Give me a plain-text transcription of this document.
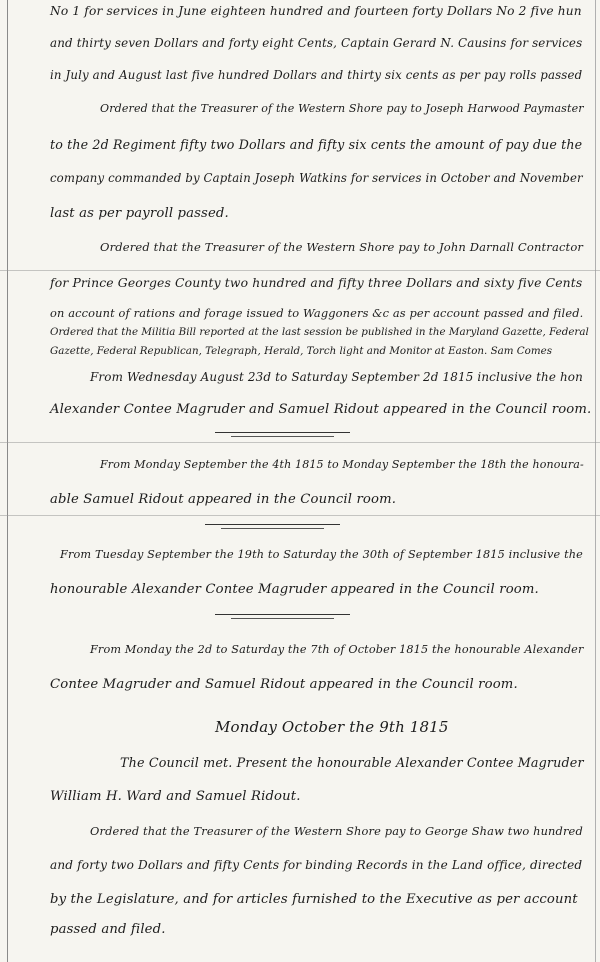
No 1 for services in June eighteen hundred and fourteen forty Dollars No 2 five hun
and thirty seven Dollars and forty eight Cents, Captain Gerard N. Causins for services
in July and August last five hundred Dollars and thirty six cents as per pay rolls passed
Ordered that the Treasurer of the Western Shore pay to Joseph Harwood Paymaster
to the 2d Regiment fifty two Dollars and fifty six cents the amount of pay due the
company commanded by Captain Joseph Watkins for services in October and November
last as per payroll passed.
Ordered that the Treasurer of the Western Shore pay to John Darnall Contractor
for Prince Georges County two hundred and fifty three Dollars and sixty five Cents
on account of rations and forage issued to Waggoners &c as per account passed and filed.
Ordered that the Militia Bill reported at the last session be published in the Maryland Gazette, Federal
Gazette, Federal Republican, Telegraph, Herald, Torch light and Monitor at Easton. Sam Comes
From Wednesday August 23d to Saturday September 2d 1815 inclusive the hon
Alexander Contee Magruder and Samuel Ridout appeared in the Council room.
From Monday September the 4th 1815 to Monday September the 18th the honoura-
able Samuel Ridout appeared in the Council room.
From Tuesday September the 19th to Saturday the 30th of September 1815 inclusive the
honourable Alexander Contee Magruder appeared in the Council room.
From Monday the 2d to Saturday the 7th of October 1815 the honourable Alexander
Contee Magruder and Samuel Ridout appeared in the Council room.
Monday October the 9th 1815
The Council met. Present the honourable Alexander Contee Magruder
William H. Ward and Samuel Ridout.
Ordered that the Treasurer of the Western Shore pay to George Shaw two hundred
and forty two Dollars and fifty Cents for binding Records in the Land office, directed
by the Legislature, and for articles furnished to the Executive as per account
passed and filed.
